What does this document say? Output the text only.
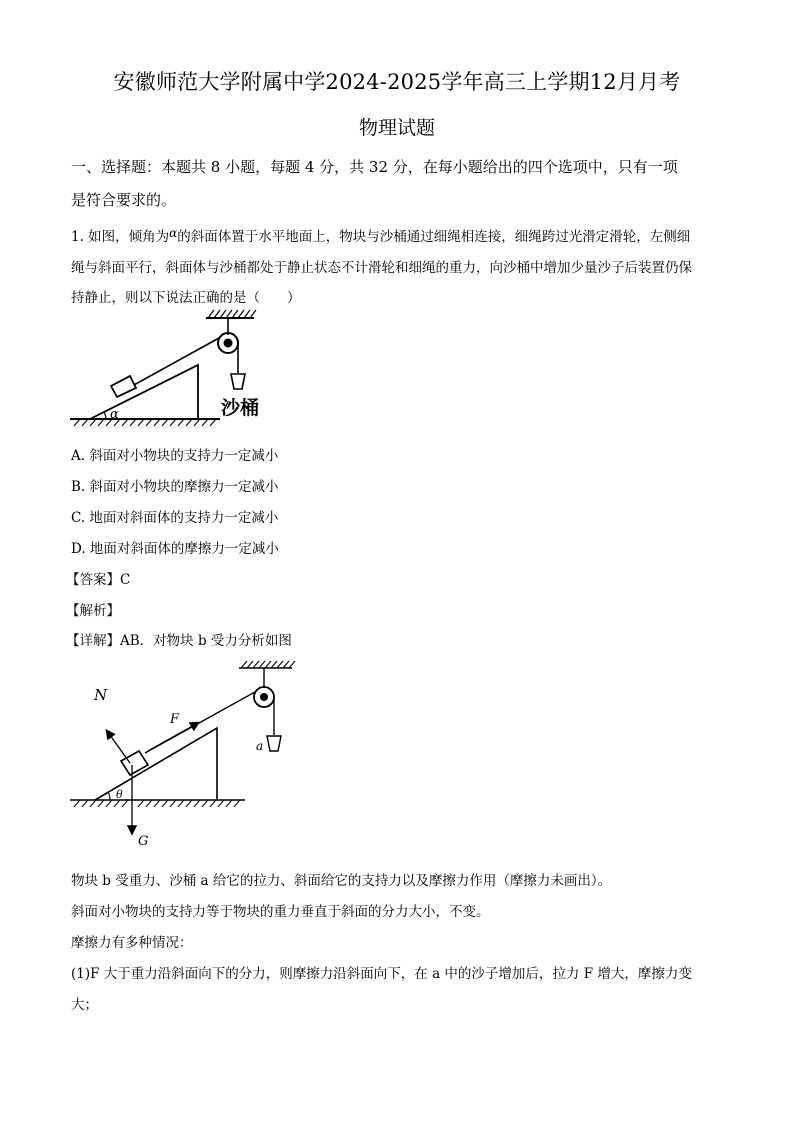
安徽师范大学附属中学2024-2025学年高三上学期12月月考
物理试题
一、选择题：本题共 8 小题，每题 4 分，共 32 分，在每小题给出的四个选项中，只有一项
是符合要求的。
1. 如图，倾角为α的斜面体置于水平地面上，物块与沙桶通过细绳相连接，细绳跨过光滑定滑轮，左侧细
绳与斜面平行，斜面体与沙桶都处于静止状态不计滑轮和细绳的重力，向沙桶中增加少量沙子后装置仍保
持静止，则以下说法正确的是（　　）
α	沙桶
A. 斜面对小物块的支持力一定减小
B. 斜面对小物块的摩擦力一定减小
C. 地面对斜面体的支持力一定减小
D. 地面对斜面体的摩擦力一定减小
【答案】C
【解析】
【详解】AB．对物块 b 受力分析如图
N
F
G
a
θ
物块 b 受重力、沙桶 a 给它的拉力、斜面给它的支持力以及摩擦力作用（摩擦力未画出）。
斜面对小物块的支持力等于物块的重力垂直于斜面的分力大小，不变。
摩擦力有多种情况：
(1)F 大于重力沿斜面向下的分力，则摩擦力沿斜面向下，在 a 中的沙子增加后，拉力 F 增大，摩擦力变
大；
